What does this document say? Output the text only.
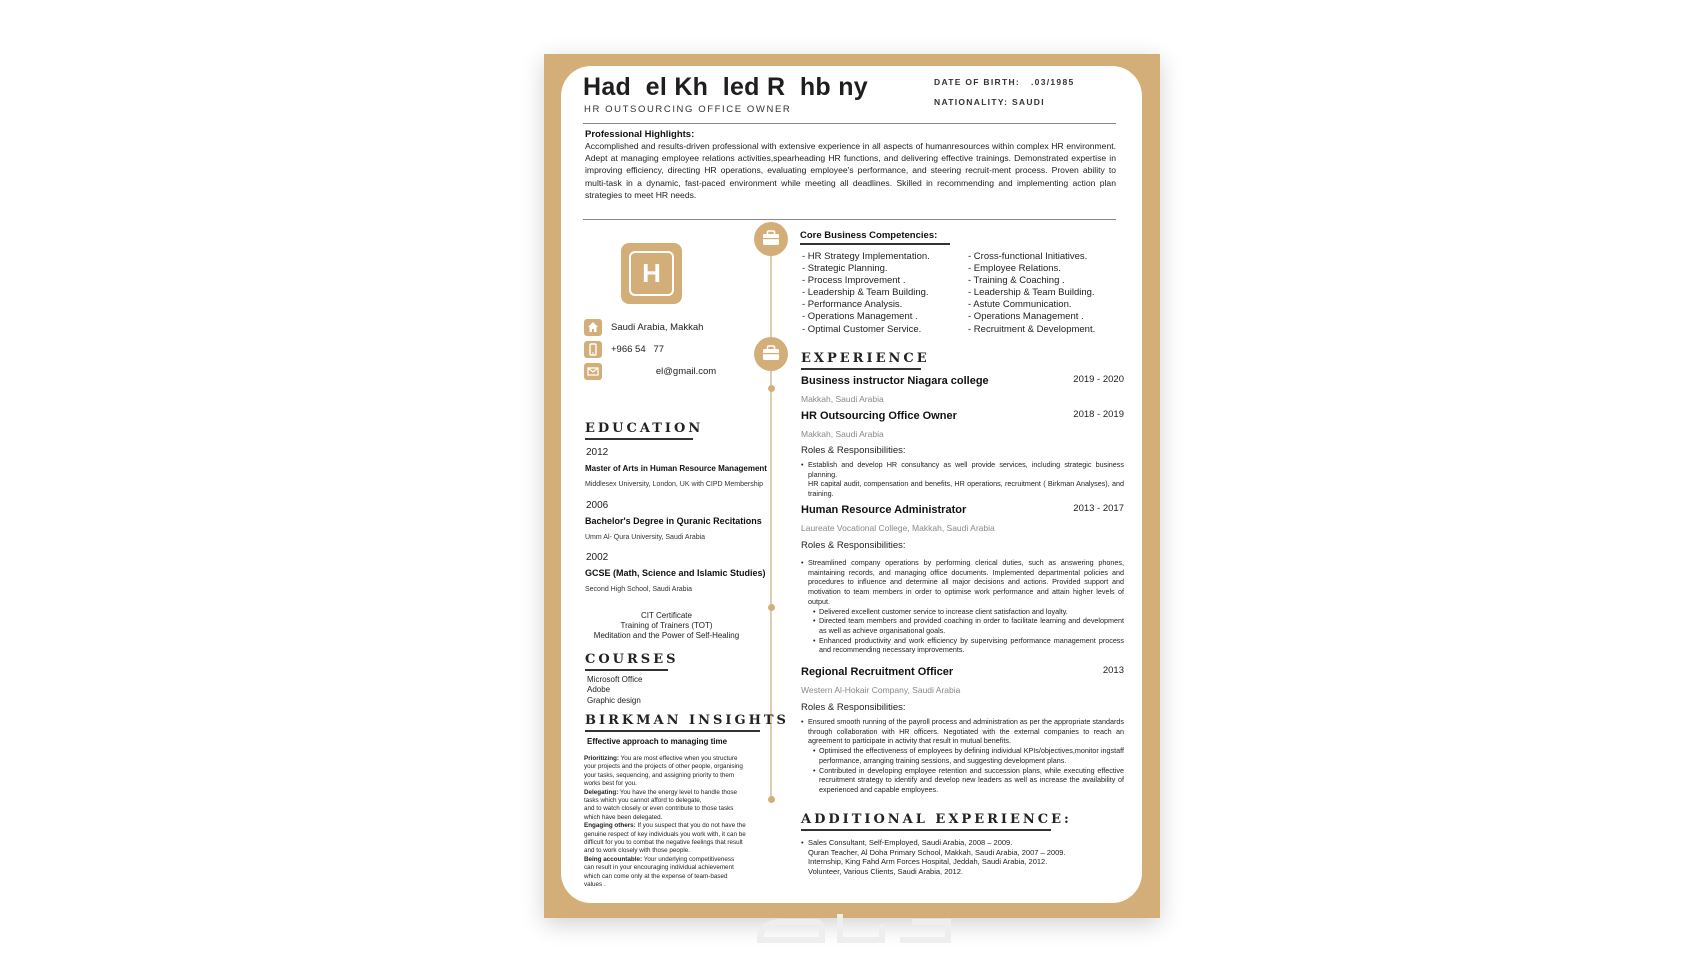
Had  el Kh  led R  hb ny
HR OUTSOURCING OFFICE OWNER
DATE OF BIRTH:   .03/1985
NATIONALITY: SAUDI
Professional Highlights:
Accomplished and results-driven professional with extensive experience in all aspects of humanresources within complex HR environment. Adept at managing employee relations activities,spearheading HR functions, and delivering effective trainings. Demonstrated expertise in improving efficiency, directing HR operations, evaluating employee's performance, and steering recruit-ment process. Proven ability to multi-task in a dynamic, fast-paced environment while meeting all deadlines. Skilled in recommending and implementing action plan strategies to meet HR needs.
H
Saudi Arabia, Makkah
+966 54   77
el@gmail.com
EDUCATION
2012
Master of Arts in Human Resource Management
Middlesex University, London, UK with CIPD Membership
2006
Bachelor's Degree in Quranic Recitations
Umm Al- Qura University, Saudi Arabia
2002
GCSE (Math, Science and Islamic Studies)
Second High School, Saudi Arabia
CIT Certificate
Training of Trainers (TOT)
Meditation and the Power of Self-Healing
COURSES
Microsoft Office
Adobe
Graphic design
BIRKMAN INSIGHTS
Effective approach to managing time
Prioritizing: You are most effective when you structure
your projects and the projects of other people, organising
your tasks, sequencing, and assigning priority to them
works best for you.
Delegating: You have the energy level to handle those
tasks which you cannot afford to delegate,
and to watch closely or even contribute to those tasks
which have been delegated.
Engaging others: If you suspect that you do not have the
genuine respect of key individuals you work with, it can be
difficult for you to combat the negative feelings that result
and to work closely with those people.
Being accountable: Your underlying competitiveness
can result in your encouraging individual achievement
which can come only at the expense of team-based
values .
Core Business Competencies:
- HR Strategy Implementation.
- Strategic Planning.
- Process Improvement .
- Leadership & Team Building.
- Performance Analysis.
- Operations Management .
- Optimal Customer Service.
- Cross-functional Initiatives.
- Employee Relations.
- Training & Coaching .
- Leadership & Team Building.
- Astute Communication.
- Operations Management .
- Recruitment & Development.
EXPERIENCE
Business instructor Niagara college	2019 - 2020
Makkah, Saudi Arabia
HR Outsourcing Office Owner	2018 - 2019
Makkah, Saudi Arabia
Roles & Responsibilities:
• Establish and develop HR consultancy as well provide services, including strategic business planning.
HR capital audit, compensation and benefits, HR operations, recruitment ( Birkman Analyses), and training.
Human Resource Administrator	2013 - 2017
Laureate Vocational College, Makkah, Saudi Arabia
Roles & Responsibilities:
• Streamlined company operations by performing clerical duties, such as answering phones, maintaining records, and managing office documents. Implemented departmental policies and procedures to influence and determine all major decisions and actions. Provided support and motivation to team members in order to optimise work performance and attain higher levels of output.
• Delivered excellent customer service to increase client satisfaction and loyalty.
• Directed team members and provided coaching in order to facilitate learning and development as well as achieve organisational goals.
• Enhanced productivity and work efficiency by supervising performance management process and recommending necessary improvements.
Regional Recruitment Officer	2013
Western Al-Hokair Company, Saudi Arabia
Roles & Responsibilities:
• Ensured smooth running of the payroll process and administration as per the appropriate standards through collaboration with HR officers. Negotiated with the external companies to reach an agreement to participate in activity that result in mutual benefits.
• Optimised the effectiveness of employees by defining individual KPIs/objectives,monitor ingstaff performance, arranging training sessions, and suggesting development plans.
• Contributed in developing employee retention and succession plans, while executing effective recruitment strategy to identify and develop new leaders as well as increase the availability of experienced and capable employees.
ADDITIONAL EXPERIENCE:
• Sales Consultant, Self-Employed, Saudi Arabia, 2008 – 2009.
Quran Teacher, Al Doha Primary School, Makkah, Saudi Arabia, 2007 – 2009.
Internship, King Fahd Arm Forces Hospital, Jeddah, Saudi Arabia, 2012.
Volunteer, Various Clients, Saudi Arabia, 2012.
